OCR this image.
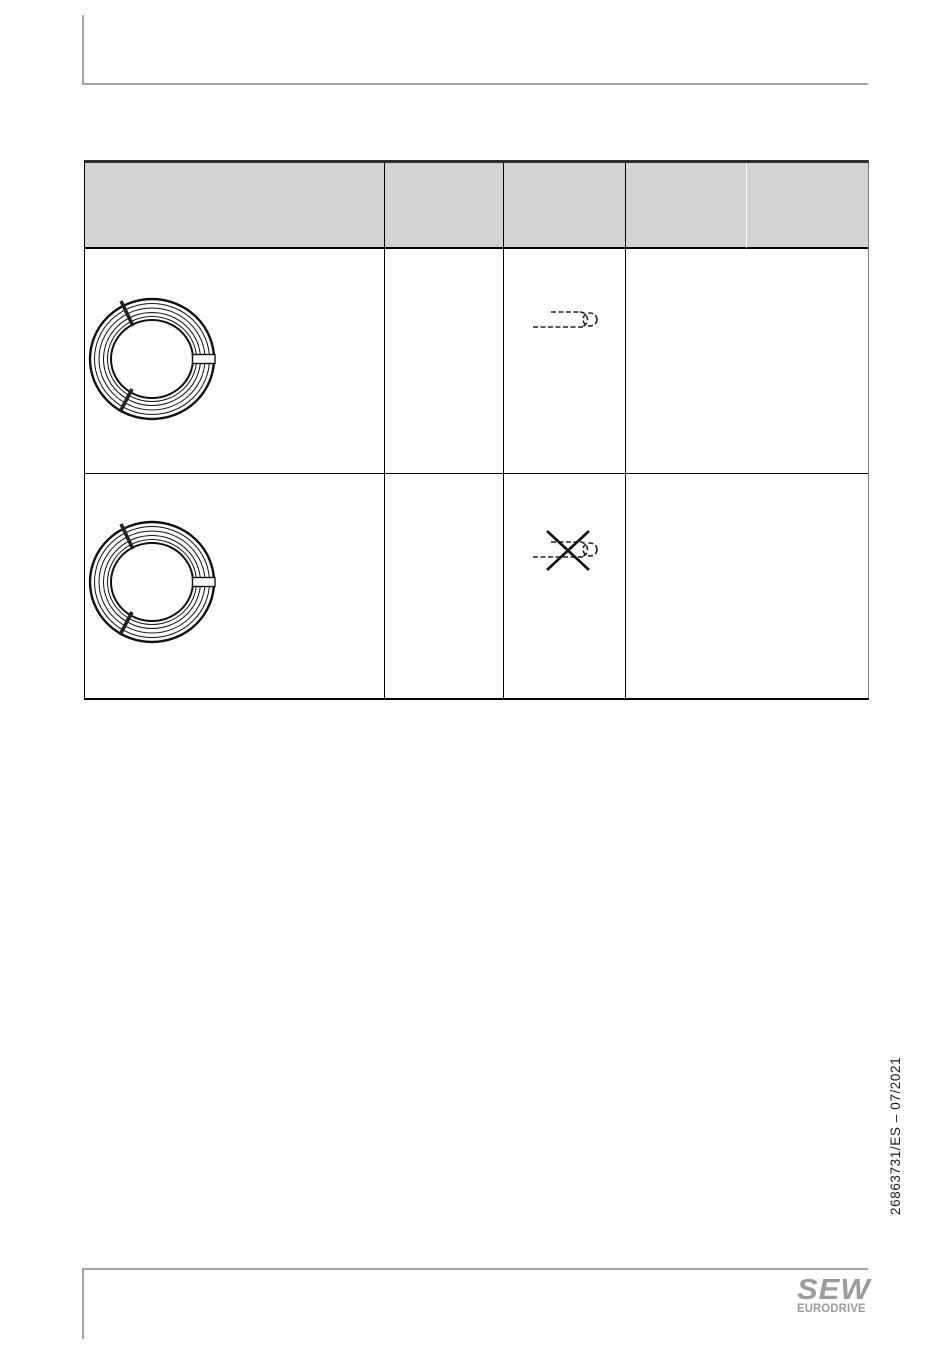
26863731/ES – 07/2021
SEW
EURODRIVE
